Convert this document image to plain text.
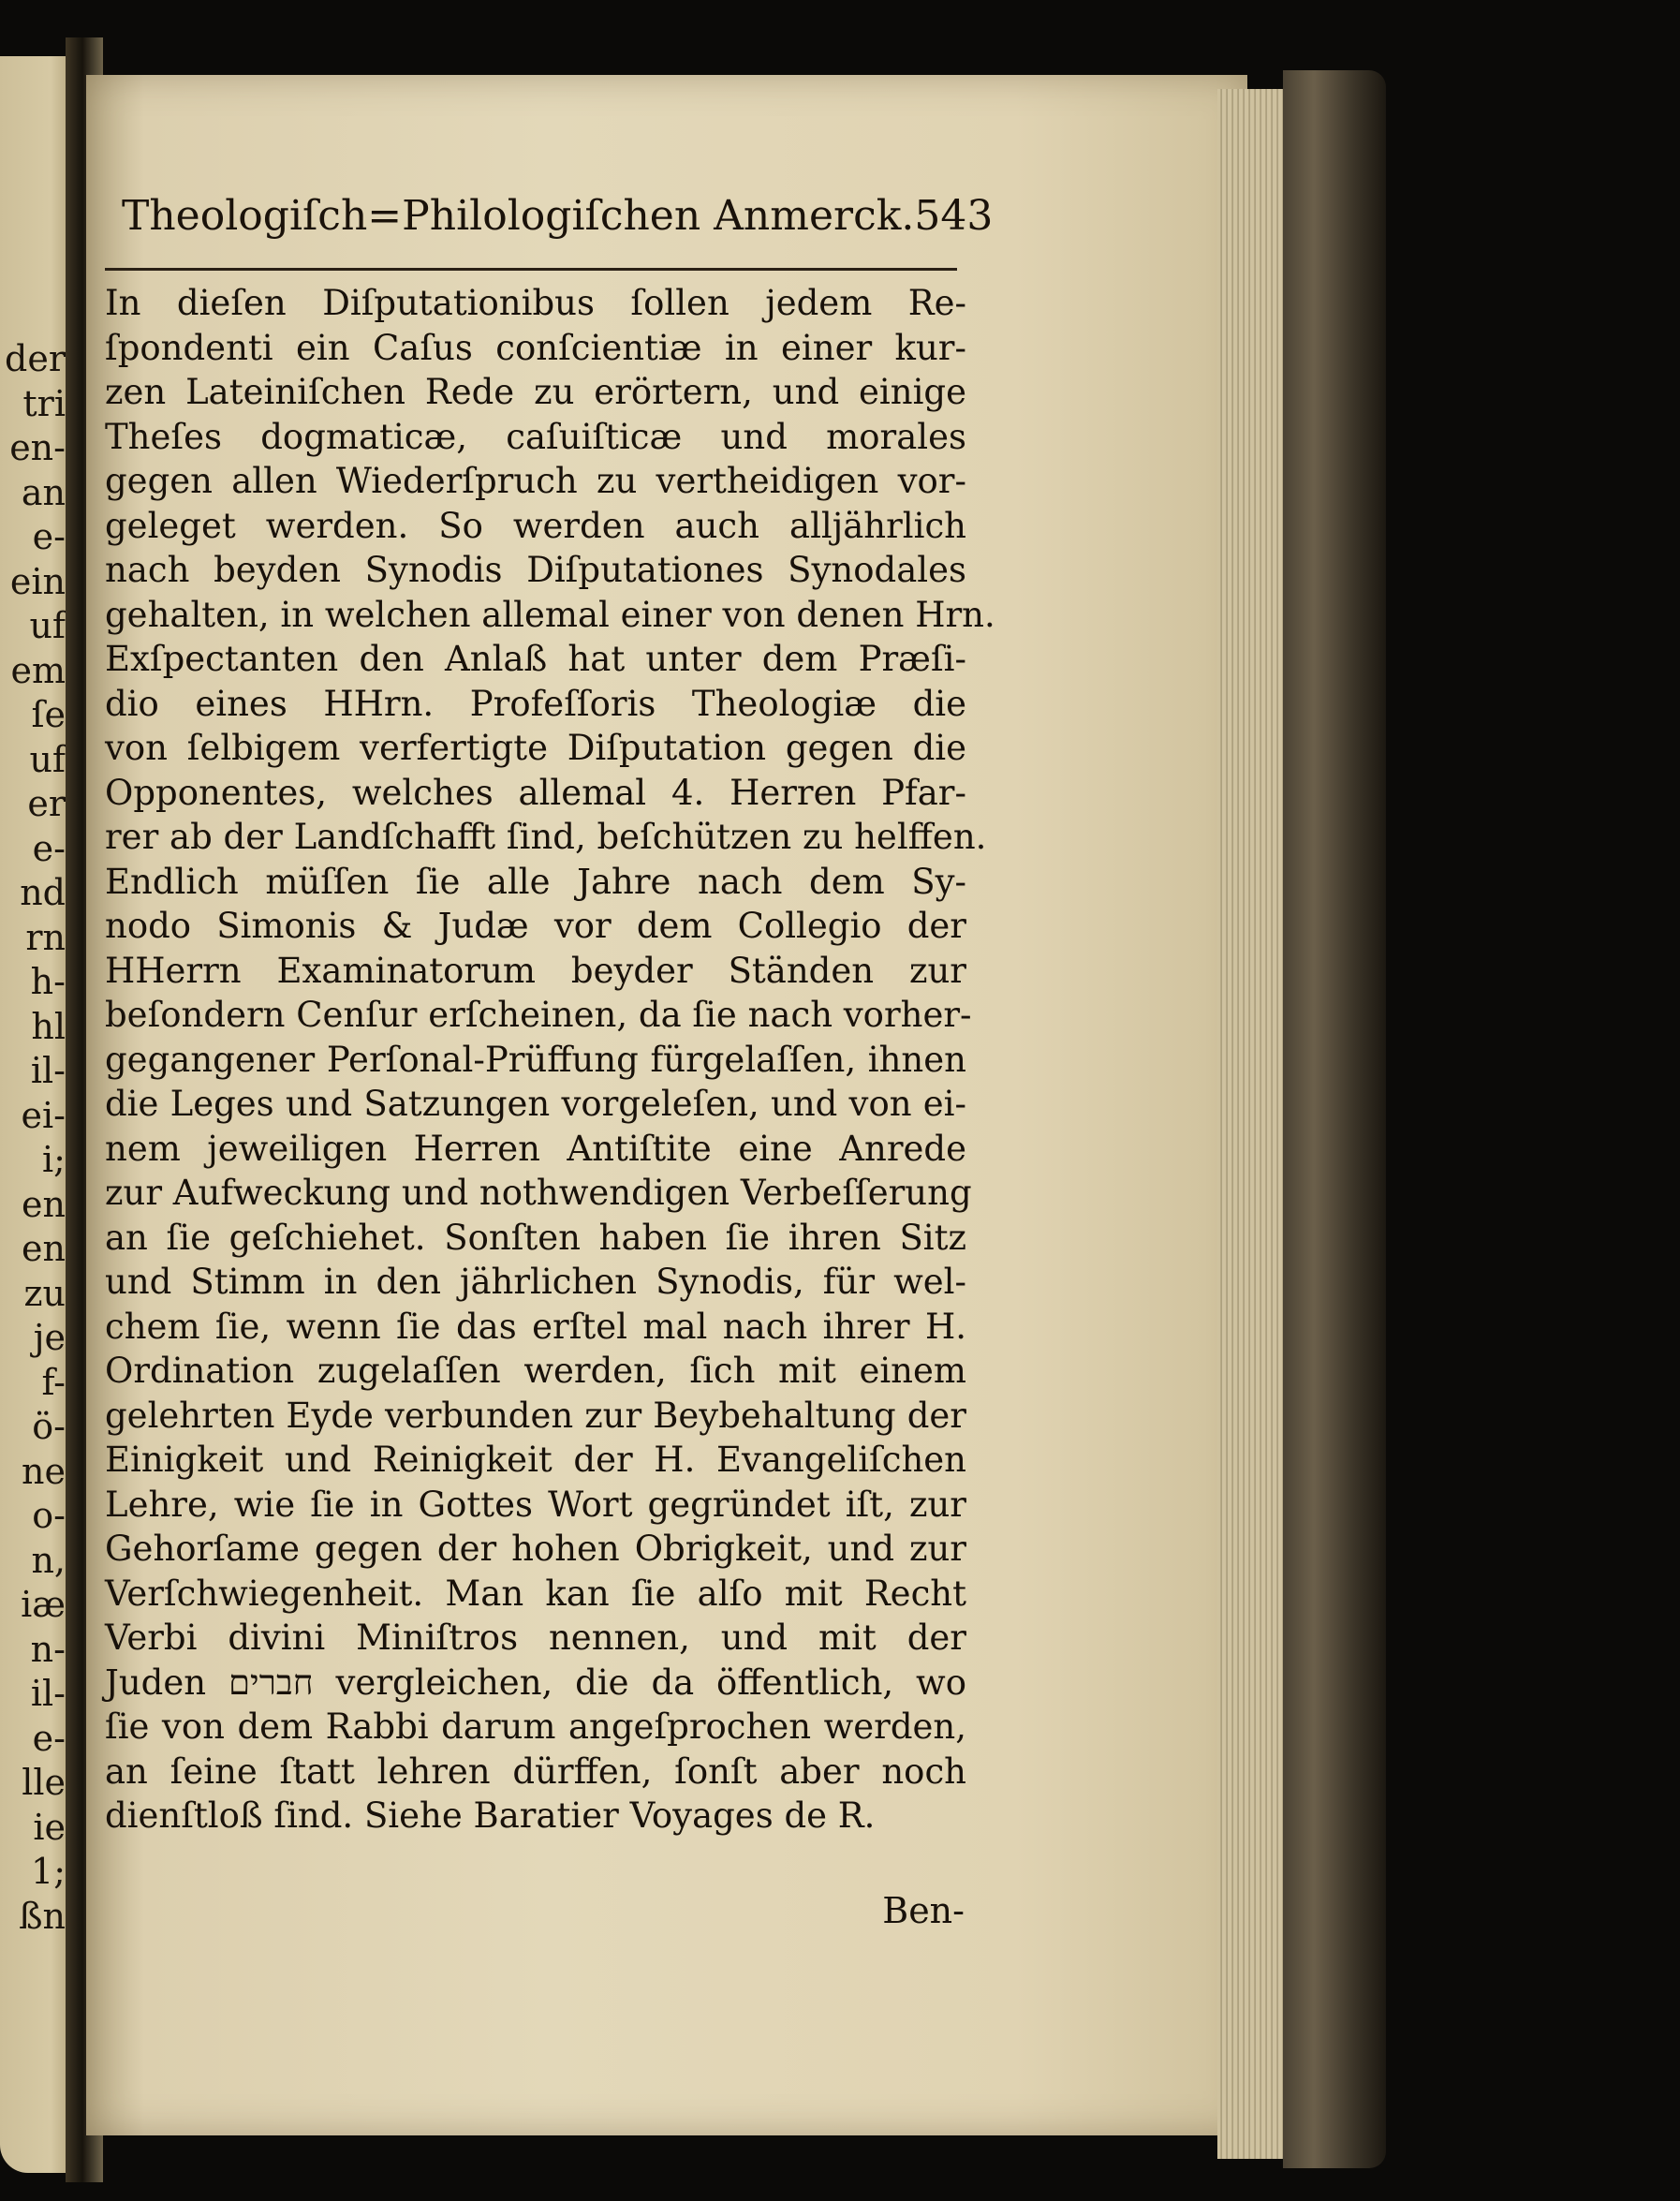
der
tri
en-
an
e-
ein
uf
em
ſe
uf
er
e-
nd
rn
h-
hl
il-
ei-
i;
en
en
zu
je
f-
ö-
ne
o-
n,
iæ
n-
il-
e-
lle
ie
1;
ßn
Theologiſch=Philologiſchen Anmerck. 543
In dieſen Diſputationibus ſollen jedem Re-
ſpondenti ein Caſus conſcientiæ in einer kur-
zen Lateiniſchen Rede zu erörtern, und einige
Theſes dogmaticæ, caſuiſticæ und morales
gegen allen Wiederſpruch zu vertheidigen vor-
geleget werden. So werden auch alljährlich
nach beyden Synodis Diſputationes Synodales
gehalten, in welchen allemal einer von denen Hrn.
Exſpectanten den Anlaß hat unter dem Præſi-
dio eines HHrn. Profeſſoris Theologiæ die
von ſelbigem verfertigte Diſputation gegen die
Opponentes, welches allemal 4. Herren Pfar-
rer ab der Landſchafft ſind, beſchützen zu helffen.
Endlich müſſen ſie alle Jahre nach dem Sy-
nodo Simonis & Judæ vor dem Collegio der
HHerrn Examinatorum beyder Ständen zur
beſondern Cenſur erſcheinen, da ſie nach vorher-
gegangener Perſonal-Prüffung fürgelaſſen, ihnen
die Leges und Satzungen vorgeleſen, und von ei-
nem jeweiligen Herren Antiſtite eine Anrede
zur Aufweckung und nothwendigen Verbeſſerung
an ſie geſchiehet. Sonſten haben ſie ihren Sitz
und Stimm in den jährlichen Synodis, für wel-
chem ſie, wenn ſie das erſtel mal nach ihrer H.
Ordination zugelaſſen werden, ſich mit einem
gelehrten Eyde verbunden zur Beybehaltung der
Einigkeit und Reinigkeit der H. Evangeliſchen
Lehre, wie ſie in Gottes Wort gegründet iſt, zur
Gehorſame gegen der hohen Obrigkeit, und zur
Verſchwiegenheit. Man kan ſie alſo mit Recht
Verbi divini Miniſtros nennen, und mit der
Juden חברים vergleichen, die da öffentlich, wo
ſie von dem Rabbi darum angeſprochen werden,
an ſeine ſtatt lehren dürffen, ſonſt aber noch
dienſtloß ſind. Siehe Baratier Voyages de R.
Ben-
